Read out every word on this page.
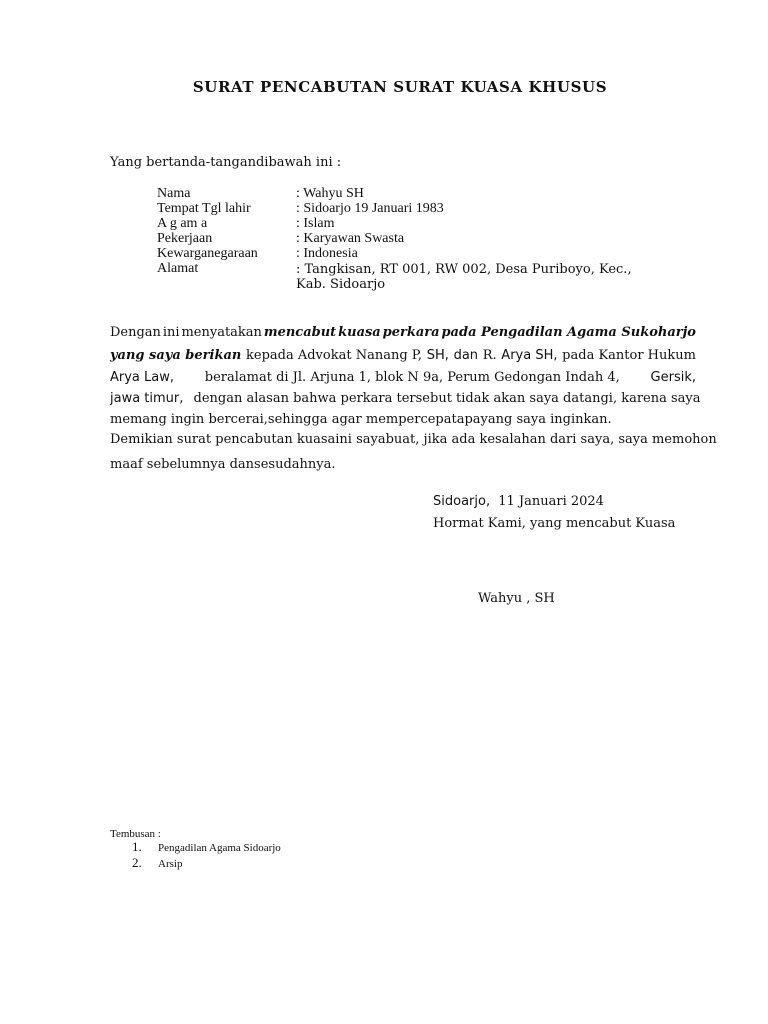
SURAT PENCABUTAN SURAT KUASA KHUSUS
Yang bertanda-tangandibawah ini :
Nama	: Wahyu SH
Tempat Tgl lahir	: Sidoarjo 19 Januari 1983
A g am a	: Islam
Pekerjaan	: Karyawan Swasta
Kewarganegaraan	: Indonesia
Alamat	: Tangkisan, RT 001, RW 002, Desa Puriboyo, Kec.,
Kab. Sidoarjo
Dengan ini menyatakan mencabut kuasa perkara pada Pengadilan Agama Sukoharjo
yang saya berikan kepada Advokat Nanang P, SH, dan R. Arya SH, pada Kantor Hukum
Arya Law, beralamat di Jl. Arjuna 1, blok N 9a, Perum Gedongan Indah 4, Gersik,
jawa timur, dengan alasan bahwa perkara tersebut tidak akan saya datangi, karena saya
memang ingin bercerai,sehingga agar mempercepatapayang saya inginkan.
Demikian surat pencabutan kuasaini sayabuat, jika ada kesalahan dari saya, saya memohon
maaf sebelumnya dansesudahnya.
Sidoarjo, 11 Januari 2024
Hormat Kami, yang mencabut Kuasa
Wahyu , SH
Tembusan :
1. Pengadilan Agama Sidoarjo
2. Arsip
